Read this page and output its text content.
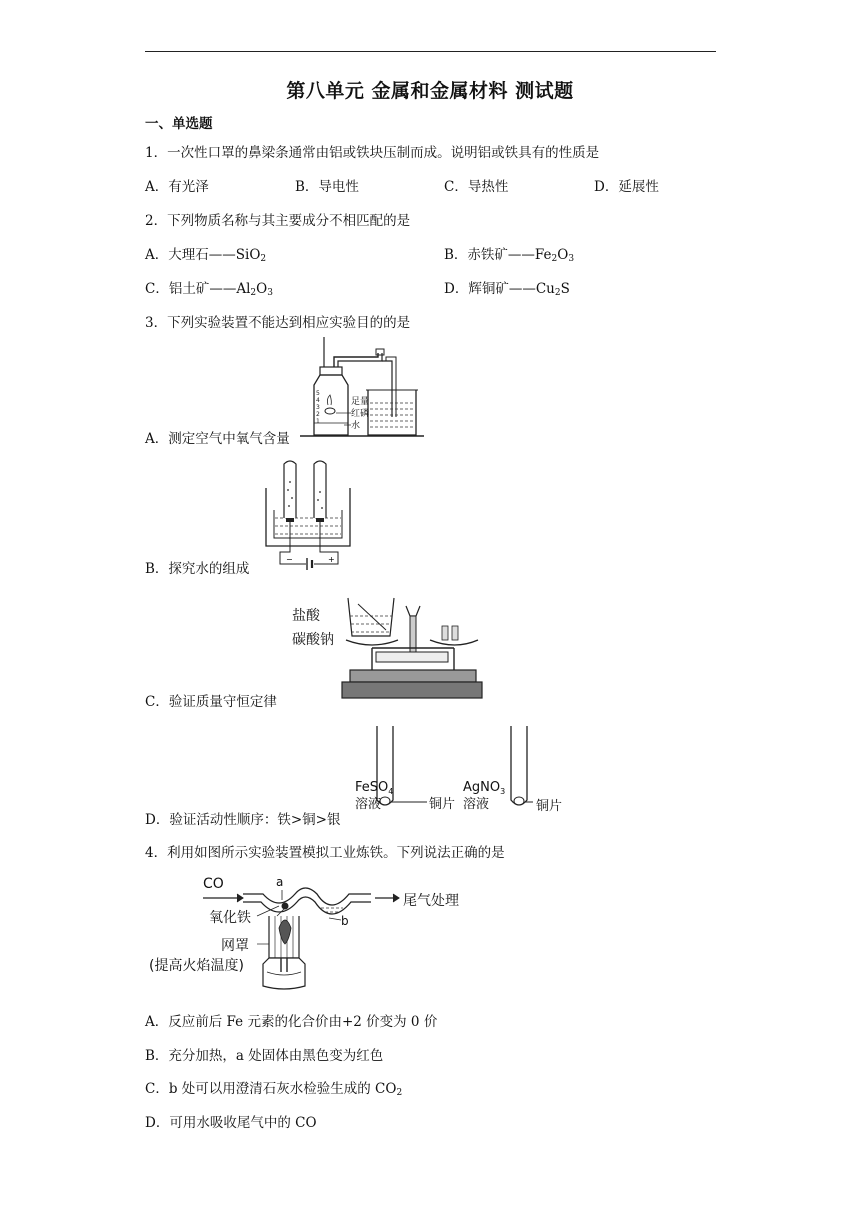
第八单元 金属和金属材料 测试题
一、单选题
1．一次性口罩的鼻梁条通常由铝或铁块压制而成。说明铝或铁具有的性质是
A．有光泽	B．导电性	C．导热性	D．延展性
2．下列物质名称与其主要成分不相匹配的是
A．大理石——SiO$_2$	B．赤铁矿$——Fe_2O_3$
C．铝土矿$——Al_2O_3$	D．辉铜矿$——Cu_2S$
3．下列实验装置不能达到相应实验目的的是
5
4
3
2
1
足量
红磷
水
A．测定空气中氧气含量
−	+
B．探究水的组成
盐酸
碳酸钠
C．验证质量守恒定律
FeSO$_4$
溶液	铜片
AgNO$_3$
溶液	铜片
D．验证活动性顺序：铁>铜>银
4．利用如图所示实验装置模拟工业炼铁。下列说法正确的是
CO	a
b
尾气处理
氧化铁
网罩
(提高火焰温度)
A．反应前后 Fe 元素的化合价由+2 价变为 0 价
B．充分加热，a 处固体由黑色变为红色
C．b 处可以用澄清石灰水检验生成的 $CO_2$
D．可用水吸收尾气中的 CO
